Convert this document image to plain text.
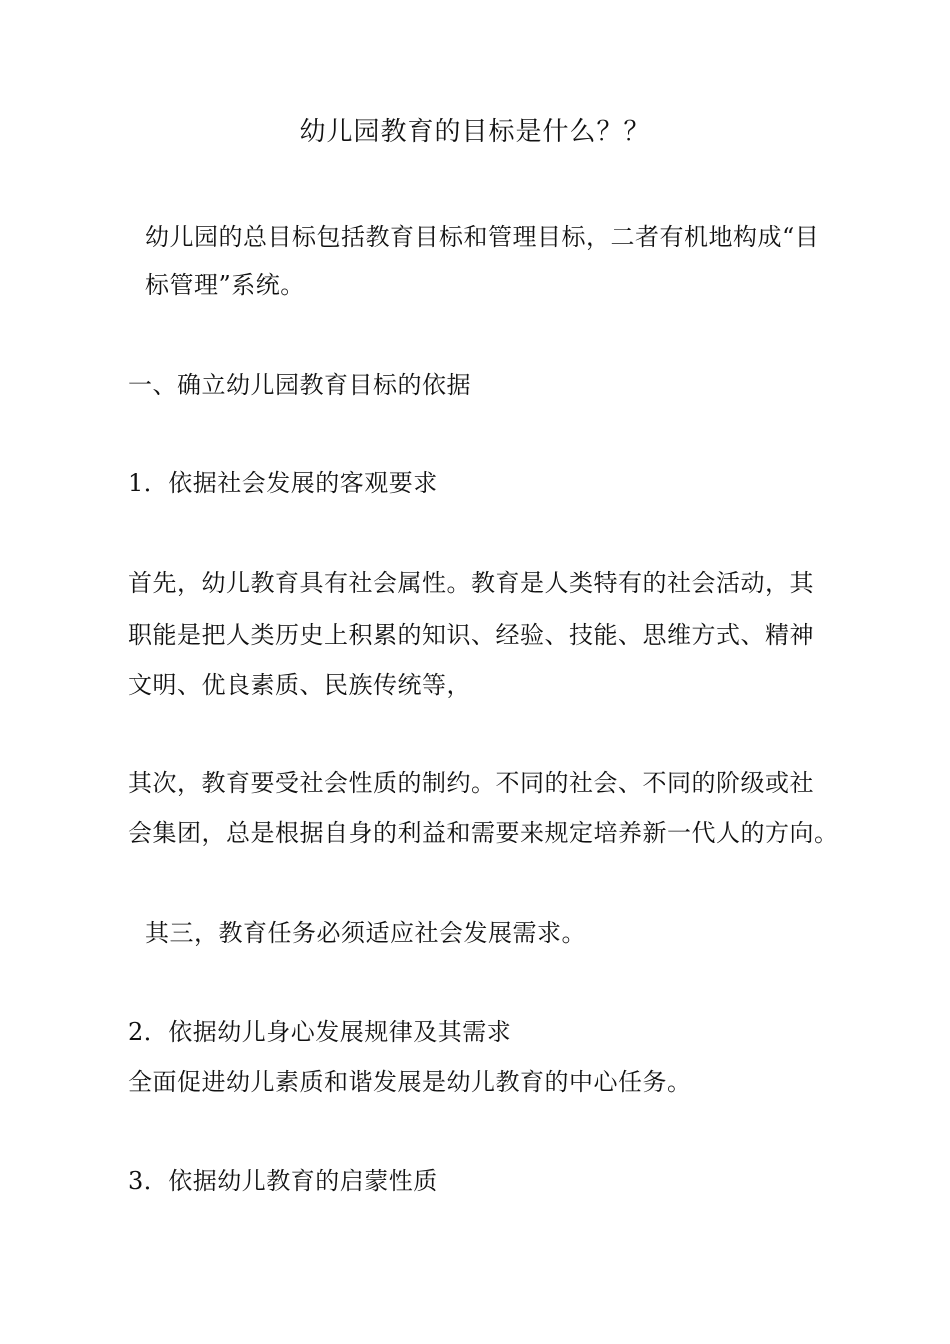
幼儿园教育的目标是什么？？
幼儿园的总目标包括教育目标和管理目标，二者有机地构成“目
标管理”系统。
一、确立幼儿园教育目标的依据
1．依据社会发展的客观要求
首先，幼儿教育具有社会属性。教育是人类特有的社会活动，其
职能是把人类历史上积累的知识、经验、技能、思维方式、精神
文明、优良素质、民族传统等，
其次，教育要受社会性质的制约。不同的社会、不同的阶级或社
会集团，总是根据自身的利益和需要来规定培养新一代人的方向。
其三，教育任务必须适应社会发展需求。
2．依据幼儿身心发展规律及其需求
全面促进幼儿素质和谐发展是幼儿教育的中心任务。
3．依据幼儿教育的启蒙性质
